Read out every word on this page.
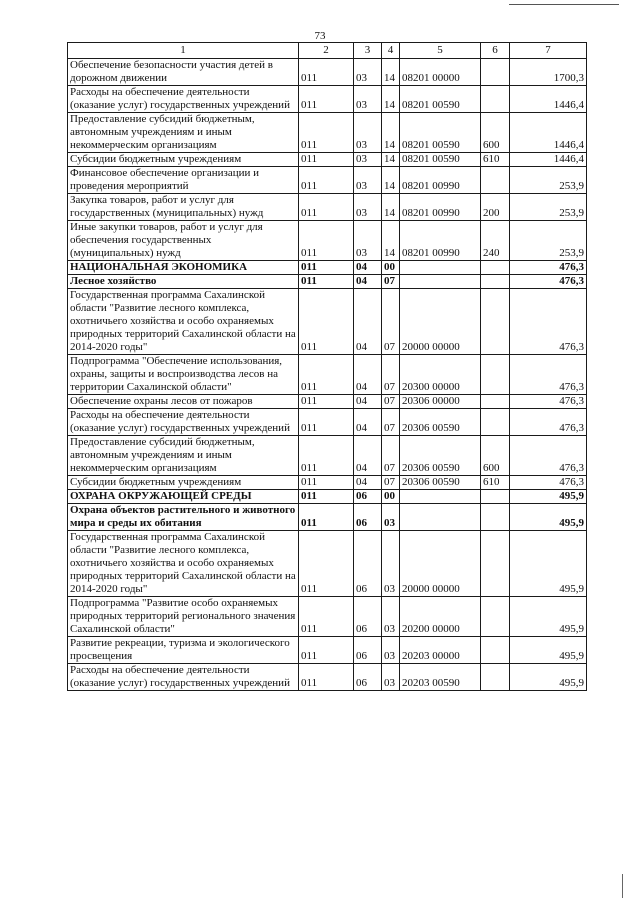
73
1	2	3	4	5	6	7
Обеспечение безопасности участия детей в дорожном движении	011	03	14	08201 00000		1700,3
Расходы на обеспечение деятельности (оказание услуг) государственных учреждений	011	03	14	08201 00590		1446,4
Предоставление субсидий бюджетным, автономным учреждениям и иным некоммерческим организациям	011	03	14	08201 00590	600	1446,4
Субсидии бюджетным учреждениям	011	03	14	08201 00590	610	1446,4
Финансовое обеспечение организации и проведения мероприятий	011	03	14	08201 00990		253,9
Закупка товаров, работ и услуг для государственных (муниципальных) нужд	011	03	14	08201 00990	200	253,9
Иные закупки товаров, работ и услуг для обеспечения государственных (муниципальных) нужд	011	03	14	08201 00990	240	253,9
НАЦИОНАЛЬНАЯ ЭКОНОМИКА	011	04	00			476,3
Лесное хозяйство	011	04	07			476,3
Государственная программа Сахалинской области "Развитие лесного комплекса, охотничьего хозяйства и особо охраняемых природных территорий Сахалинской области на 2014-2020 годы"	011	04	07	20000 00000		476,3
Подпрограмма "Обеспечение использования, охраны, защиты и воспроизводства лесов на территории Сахалинской области"	011	04	07	20300 00000		476,3
Обеспечение охраны лесов от пожаров	011	04	07	20306 00000		476,3
Расходы на обеспечение деятельности (оказание услуг) государственных учреждений	011	04	07	20306 00590		476,3
Предоставление субсидий бюджетным, автономным учреждениям и иным некоммерческим организациям	011	04	07	20306 00590	600	476,3
Субсидии бюджетным учреждениям	011	04	07	20306 00590	610	476,3
ОХРАНА ОКРУЖАЮЩЕЙ СРЕДЫ	011	06	00			495,9
Охрана объектов растительного и животного мира и среды их обитания	011	06	03			495,9
Государственная программа Сахалинской области "Развитие лесного комплекса, охотничьего хозяйства и особо охраняемых природных территорий Сахалинской области на 2014-2020 годы"	011	06	03	20000 00000		495,9
Подпрограмма "Развитие особо охраняемых природных территорий регионального значения Сахалинской области"	011	06	03	20200 00000		495,9
Развитие рекреации, туризма и экологического просвещения	011	06	03	20203 00000		495,9
Расходы на обеспечение деятельности (оказание услуг) государственных учреждений	011	06	03	20203 00590		495,9
